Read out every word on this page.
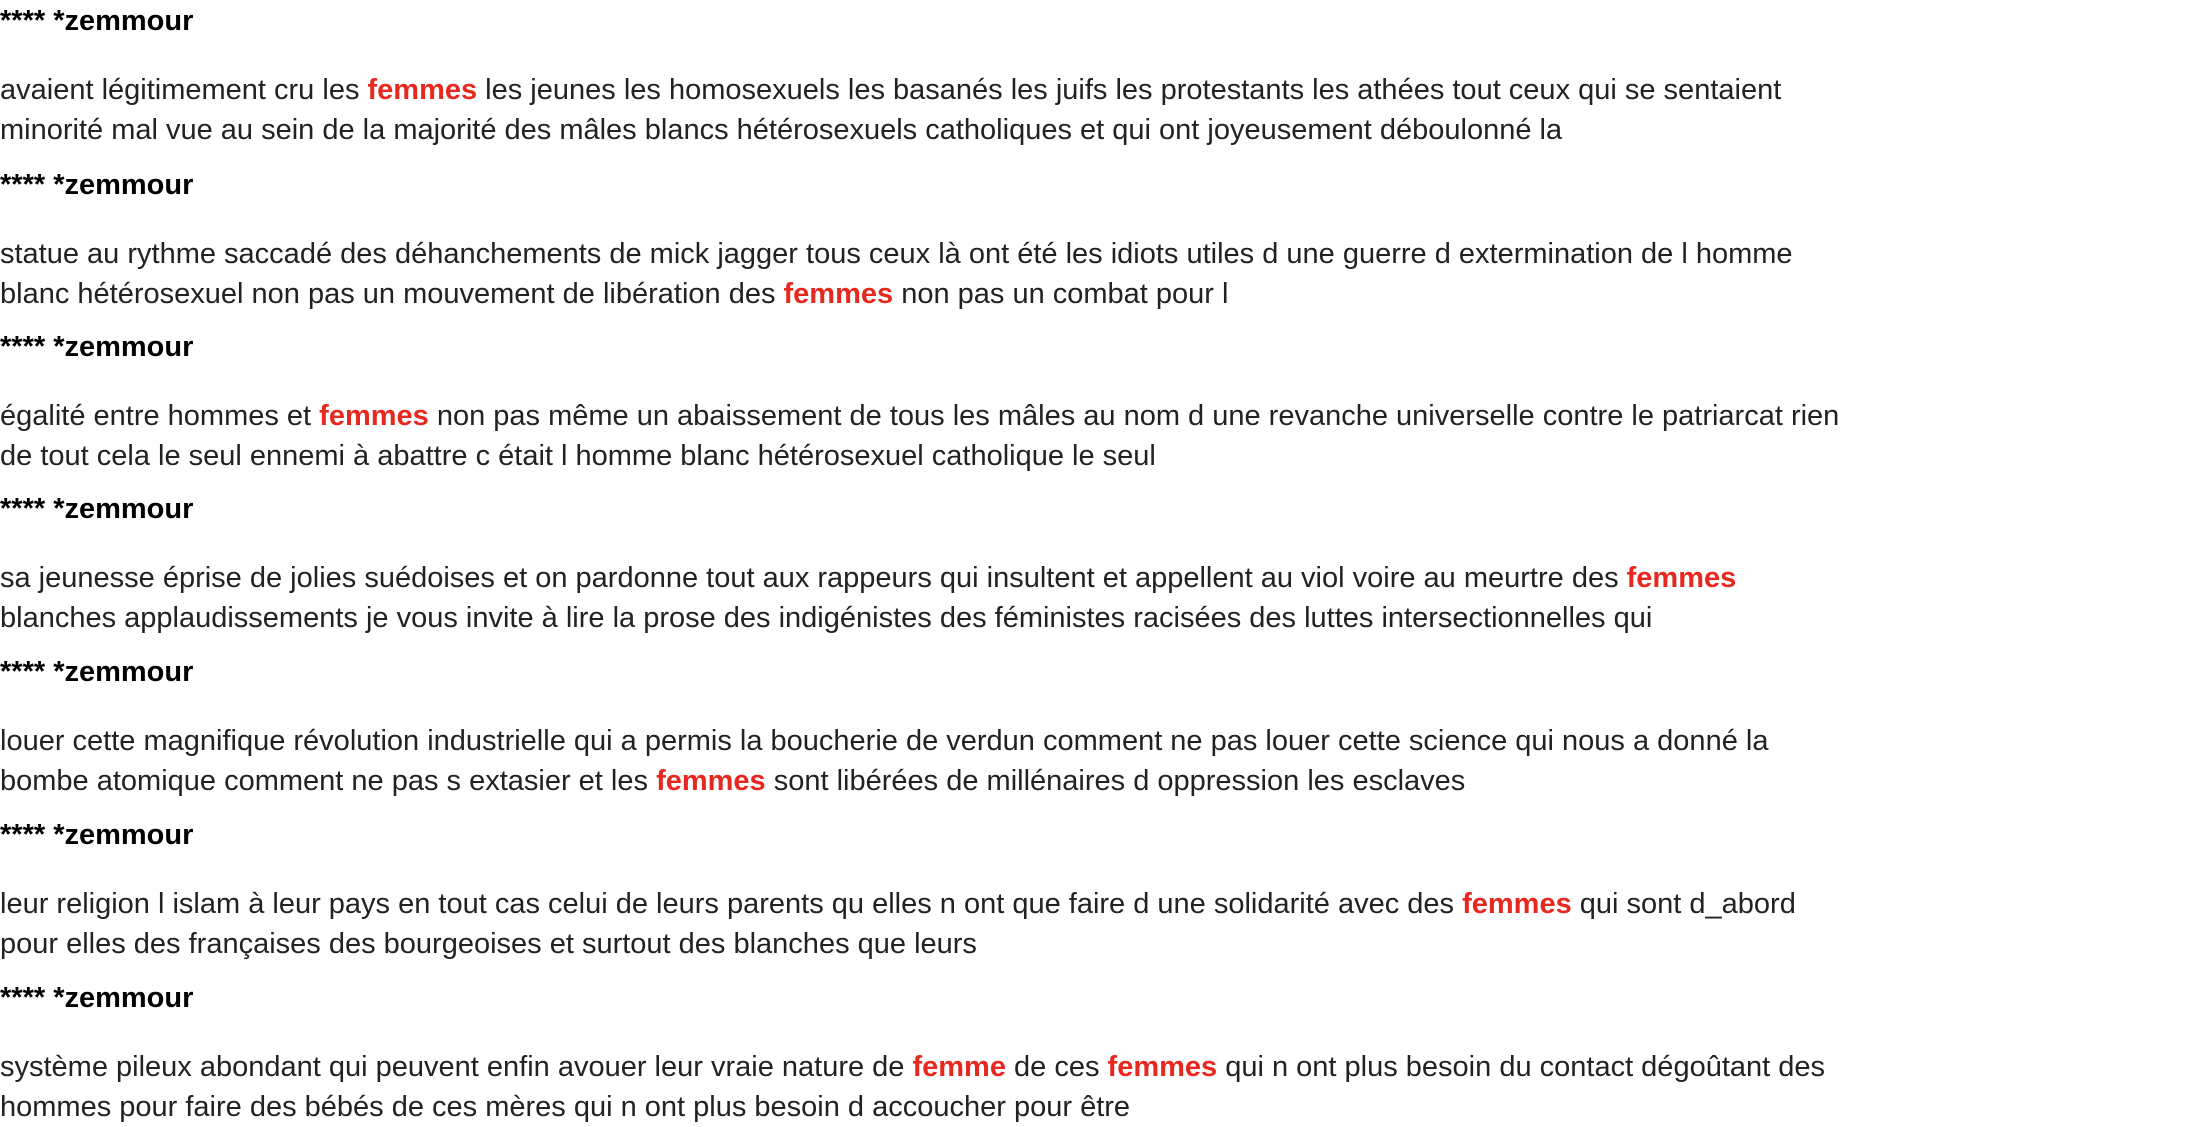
**** *zemmour
avaient légitimement cru les femmes les jeunes les homosexuels les basanés les juifs les protestants les athées tout ceux qui se sentaient
minorité mal vue au sein de la majorité des mâles blancs hétérosexuels catholiques et qui ont joyeusement déboulonné la
**** *zemmour
statue au rythme saccadé des déhanchements de mick jagger tous ceux là ont été les idiots utiles d une guerre d extermination de l homme
blanc hétérosexuel non pas un mouvement de libération des femmes non pas un combat pour l
**** *zemmour
égalité entre hommes et femmes non pas même un abaissement de tous les mâles au nom d une revanche universelle contre le patriarcat rien
de tout cela le seul ennemi à abattre c était l homme blanc hétérosexuel catholique le seul
**** *zemmour
sa jeunesse éprise de jolies suédoises et on pardonne tout aux rappeurs qui insultent et appellent au viol voire au meurtre des femmes
blanches applaudissements je vous invite à lire la prose des indigénistes des féministes racisées des luttes intersectionnelles qui
**** *zemmour
louer cette magnifique révolution industrielle qui a permis la boucherie de verdun comment ne pas louer cette science qui nous a donné la
bombe atomique comment ne pas s extasier et les femmes sont libérées de millénaires d oppression les esclaves
**** *zemmour
leur religion l islam à leur pays en tout cas celui de leurs parents qu elles n ont que faire d une solidarité avec des femmes qui sont d_abord
pour elles des françaises des bourgeoises et surtout des blanches que leurs
**** *zemmour
système pileux abondant qui peuvent enfin avouer leur vraie nature de femme de ces femmes qui n ont plus besoin du contact dégoûtant des
hommes pour faire des bébés de ces mères qui n ont plus besoin d accoucher pour être
